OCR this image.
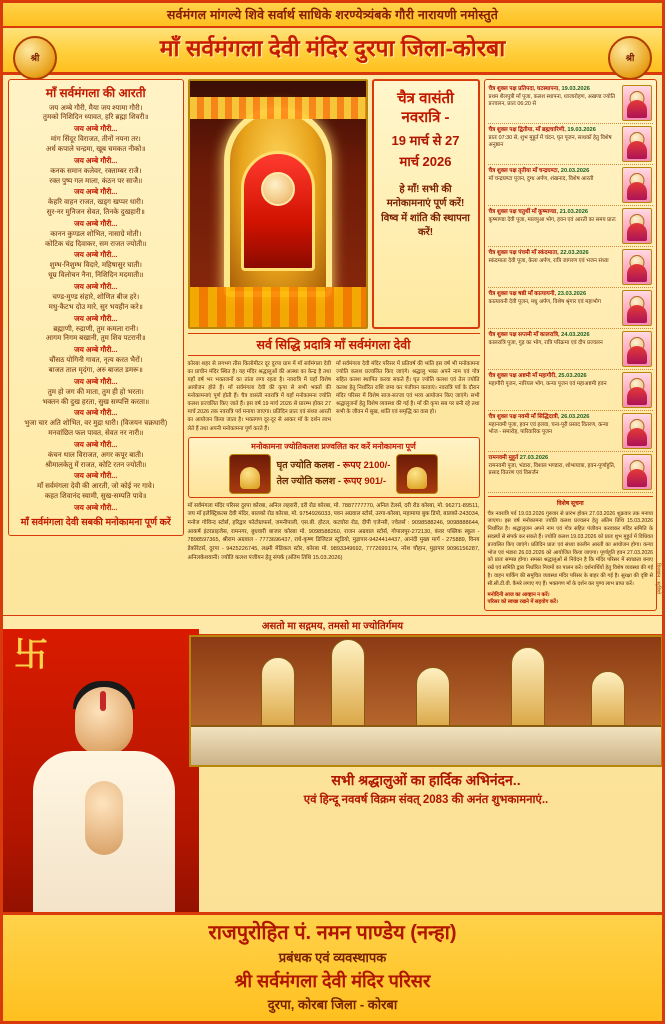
सर्वमंगल मांगल्ये शिवे सर्वार्थ साधिके शरण्येत्र्यंबके गौरी नारायणी नमोस्तुते
श्री	माँ सर्वमंगला देवी मंदिर दुरपा जिला-कोरबा	श्री
माँ सर्वमंगला की आरती
जय अम्बे गौरी, मैया जय श्यामा गौरी।
तुमको निशिदिन ध्यावत, हरि ब्रह्मा शिवरी॥
जय अम्बे गौरी...
मांग सिंदूर विराजत, तीनों नयना तर।
अर्ध कपाले चन्द्रमा, खूब चमकत नीको॥
जय अम्बे गौरी...
कनक समान कलेवर, रक्ताम्बर राजै।
रक्त पुष्प गल माला, कंठन पर साजै॥
जय अम्बे गौरी...
केहरि वाहन राजत, खड्ग खप्पर धारी।
सुर-नर मुनिजन सेवत, तिनके दुखहारी॥
जय अम्बे गौरी...
कानन कुण्डल शोभित, नासाग्रे मोती।
कोटिक चंद्र दिवाकर, सम राजत ज्योती॥
जय अम्बे गौरी...
शुम्भ-निशुम्भ विदारे, महिषासुर घाती।
धूम्र विलोचन नैना, निशिदिन मदमाती॥
जय अम्बे गौरी...
चण्ड-मुण्ड संहारे, शोणित बीज हरे।
मधु-कैटभ दोउ मारे, सुर भयहीन करे॥
जय अम्बे गौरी...
ब्रह्माणी, रुद्राणी, तुम कमला रानी।
आगम निगम बखानी, तुम शिव पटरानी॥
जय अम्बे गौरी...
चौंसठ योगिनी गावत, नृत्य करत भैरों।
बाजत ताल मृदंगा, अरु बाजत डमरू॥
जय अम्बे गौरी...
तुम हो जग की माता, तुम ही हो भरता।
भक्तन की दुख हरता, सुख सम्पत्ति करता॥
जय अम्बे गौरी...
भुजा चार अति शोभित, वर मुद्रा धारी। (विजयन चक्रधारी)
मनवांछित फल पावत, सेवत नर नारी॥
जय अम्बे गौरी...
कंचन थाल विराजत, अगर कपूर बाती।
श्रीमालकेतु में राजत, कोटि रतन ज्योती॥
जय अम्बे गौरी...
माँ सर्वमंगला देवी की आरती, जो कोई नर गावे।
कहत शिवानंद स्वामी, सुख-सम्पति पावे॥
जय अम्बे गौरी...
माँ सर्वमंगला देवी सबकी मनोकामना पूर्ण करें
चैत्र वासंती
नवरात्रि -
19 मार्च से 27
मार्च 2026
हे माँ! सभी की मनोकामनाएं पूर्ण करें! विष्व में शांति की स्थापना करें!
सर्व सिद्धि प्रदात्रि माँ सर्वमंगला देवी
कोरबा शहर से लगभग तीस किलोमीटर दूर दुरपा ग्राम में माँ सर्वमंगला देवी का प्राचीन मंदिर स्थित है। यह मंदिर श्रद्धालुओं की आस्था का केन्द्र है तथा यहाँ वर्ष भर भक्तजनों का तांता लगा रहता है। नवरात्रि में यहाँ विशेष आयोजन होते हैं। माँ सर्वमंगला देवी की कृपा से सभी भक्तों की मनोकामनाएं पूर्ण होती हैं। चैत्र वासंती नवरात्रि में यहाँ मनोकामना ज्योति कलश प्रज्वलित किए जाते हैं। इस वर्ष 19 मार्च 2026 से प्रारम्भ होकर 27 मार्च 2026 तक नवरात्रि पर्व मनाया जाएगा। प्रतिदिन प्रातः एवं संध्या आरती का आयोजन किया जाता है। भक्तगण दूर-दूर से आकर माँ के दर्शन लाभ लेते हैं तथा अपनी मनोकामना पूर्ण करते हैं।
माँ सर्वमंगला देवी मंदिर परिसर में प्रतिवर्ष की भांति इस वर्ष भी मनोकामना ज्योति कलश प्रज्वलित किए जाएंगे। श्रद्धालु भक्त अपने नाम एवं गोत्र सहित कलश स्थापित करवा सकते हैं। घृत ज्योति कलश एवं तेल ज्योति कलश हेतु निर्धारित राशि जमा कर पंजीयन करवाएं। नवरात्रि पर्व के दौरान मंदिर परिसर में विशेष साज-सज्जा एवं भव्य आयोजन किए जाएंगे। सभी श्रद्धालुजनों हेतु विशेष व्यवस्था की गई है। माँ की कृपा सब पर बनी रहे तथा सभी के जीवन में सुख, शांति एवं समृद्धि का वास हो।
मनोकामना ज्योतिकलश प्रज्वलित कर करें मनोकामना पूर्ण
घृत ज्योति कलश - रूपए 2100/-
तेल ज्योति कलश - रूपए 901/-
माँ सर्वमंगला मंदिर परिसर दुरपा कोरबा, अनिल लहरारी, दरी रोड कोरबा, मो. 7887777770, अनिल टेलर्स, दरी रोड कोरबा, मो. 96271-89511, जय माँ इलेक्ट्रिकल्स देवी मंदिर, बालको रोड कोरबा, मो. 9754926033, पवन अग्रवाल स्टोर्स, उरगा-कोरबा, महामाया बुक डिपो, बालको-243034, मनोज गोविन्द स्टोर्स, हरिद्वार फोटोग्राफर्स, जमनीपाली, एस.बी. होटल, कटघोरा रोड, दीपी एजेन्सी, ज्वेलर्स : 9098588246, 9098888644, आकर्ष इंटरप्राइजेस, रामनगर, बुधवारी बाजार कोरबा मो. 9098588260, राजन अग्रवाल स्टोर्स, गोपालपुर-272130, कंवर पब्लिक स्कूल - 7898597365, श्रीराम अग्रवाल - 7773696437, राधे-कृष्ण डिजिटल स्टूडियो, मुड़ापार-9424414437, आनंदी मुख्य मार्ग - 275889, विनय डेकोरेटर्स, दुरपा - 9425226745, लक्ष्मी मेडिकल स्टोर, कोरबा मो. 9893349692, 7772699174, नरेश चौहान, मुड़ापार 9096156287, अनिलकेशवानी। ज्योति कलश पंजीयन हेतु संपर्क (अंतिम तिथि 15.03.2026)
चैत्र शुक्ल पक्ष प्रतिपदा, घटस्थापना, 19.03.2026
प्रथम शैलपुत्री माँ पूजा, कलश स्थापना, ध्वजारोहण, अखण्ड ज्योति प्रज्वलन, प्रातः 06:20 से
चैत्र शुक्ल पक्ष द्वितीया, माँ ब्रह्मचारिणी, 19.03.2026
प्रातः 07:30 से, शुभ मुहूर्त में चंदन, घृत पूजन, साधकों हेतु विशेष अनुष्ठान
चैत्र शुक्ल पक्ष तृतीया माँ चन्द्रघण्टा, 20.03.2026
माँ चन्द्रघण्टा पूजन, दुग्ध अर्पण, शंखनाद, विशेष आरती
चैत्र शुक्ल पक्ष चतुर्थी माँ कूष्माण्डा, 21.03.2026
कूष्माण्डा देवी पूजा, मालपुआ भोग, हवन एवं आरती का समय प्रातः
चैत्र शुक्ल पक्ष पंचमी माँ स्कंदमाता, 22.03.2026
स्कंदमाता देवी पूजा, केला अर्पण, रात्रि जागरण एवं भजन संध्या
चैत्र शुक्ल पक्ष षष्ठी माँ कात्यायनी, 23.03.2026
कात्यायनी देवी पूजन, मधु अर्पण, विशेष श्रृंगार एवं महाभोग
चैत्र शुक्ल पक्ष सप्तमी माँ कालरात्रि, 24.03.2026
कालरात्रि पूजा, गुड़ का भोग, रात्रि परिक्रमा एवं दीप प्रज्वलन
चैत्र शुक्ल पक्ष अष्टमी माँ महागौरी, 25.03.2026
महागौरी पूजन, नारियल भोग, कन्या पूजन एवं महाअष्टमी हवन
चैत्र शुक्ल पक्ष नवमी माँ सिद्धिदात्री, 26.03.2026
महानवमी पूजा, हवन एवं हलवा, चना-पूरी प्रसाद वितरण, कन्या भोज - समारोह, पारिवारिक पूजन
रामनवमी मुहूर्त 27.03.2026
रामनवमी पूजा, भंडारा, विशाल भण्डारा, शोभायात्रा, हवन-पूर्णाहुति, प्रसाद वितरण एवं विसर्जन
विशेष सूचना
चैत्र नवरात्रि पर्व 19.03.2026 गुरुवार से प्रारंभ होकर 27.03.2026 शुक्रवार तक मनाया जाएगा। इस वर्ष मनोकामना ज्योति कलश प्रज्वलन हेतु अंतिम तिथि 15.03.2026 निर्धारित है। श्रद्धालुजन अपने नाम एवं गोत्र सहित पंजीयन करवाकर मंदिर समिति के सदस्यों से संपर्क कर सकते हैं। ज्योति कलश 19.03.2026 को प्रातः शुभ मुहूर्त में विधिवत प्रज्वलित किए जाएंगे। प्रतिदिन प्रातः एवं संध्या कालीन आरती का आयोजन होगा। कन्या भोज एवं भंडारा 26.03.2026 को आयोजित किया जाएगा। पूर्णाहुति हवन 27.03.2026 को प्रातः सम्पन्न होगा। समस्त श्रद्धालुओं से निवेदन है कि मंदिर परिसर में स्वच्छता बनाए रखें एवं समिति द्वारा निर्धारित नियमों का पालन करें। दर्शनार्थियों हेतु विशेष व्यवस्था की गई है। वाहन पार्किंग की समुचित व्यवस्था मंदिर परिसर के बाहर की गई है। सुरक्षा की दृष्टि से सी.सी.टी.वी. कैमरे लगाए गए हैं। भक्तगण माँ के दर्शन कर पुण्य लाभ प्राप्त करें।
मनोदिनी आज का आव्हान न करें।
परिसर को स्वच्छ रखने में सहयोग करें।
असतो मा सद्गमय, तमसो मा ज्योतिर्गमय
卐
सभी श्रद्धालुओं का हार्दिक अभिनंदन..
एवं हिन्दू नववर्ष विक्रम संवत् 2083 की अनंत शुभकामनाएं..
डिजाइन : स्टूडियो
राजपुरोहित पं. नमन पाण्डेय (नन्हा)
प्रबंधक एवं व्यवस्थापक
श्री सर्वमंगला देवी मंदिर परिसर
दुरपा, कोरबा जिला - कोरबा
